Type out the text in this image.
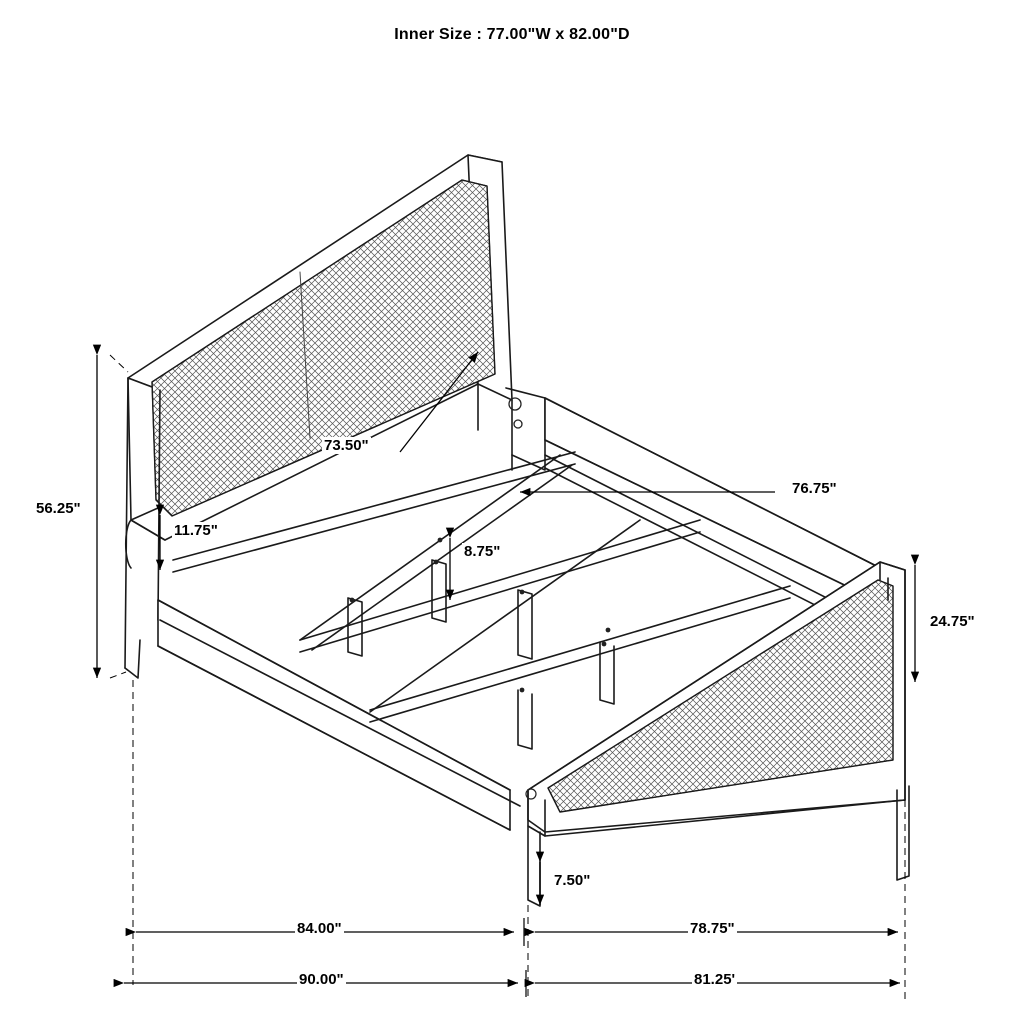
Inner Size : 77.00"W x 82.00"D
73.50"
56.25"
11.75"
8.75"
76.75"
24.75"
7.50"
84.00"	78.75"
90.00"	81.25'
